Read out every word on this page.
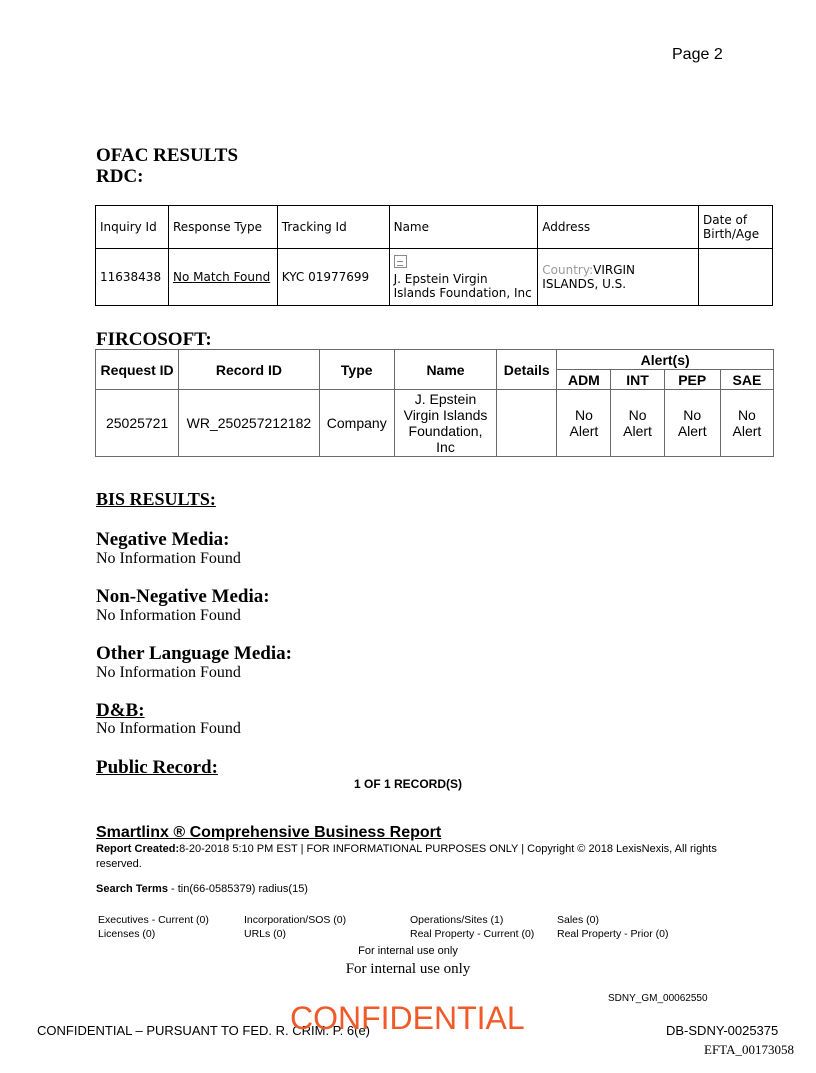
Page 2
OFAC RESULTS
RDC:
Inquiry Id	Response Type	Tracking Id	Name	Address	Date of Birth/Age
11638438	No Match Found	KYC 01977699	J. Epstein Virgin Islands Foundation, Inc	Country:VIRGIN ISLANDS, U.S.	
FIRCOSOFT:
Request ID	Record ID	Type	Name	Details	Alert(s)			
					ADM	INT	PEP	SAE
25025721	WR_250257212182	Company	J. Epstein Virgin Islands Foundation, Inc		No Alert	No Alert	No Alert	No Alert
BIS RESULTS:
Negative Media:
No Information Found
Non-Negative Media:
No Information Found
Other Language Media:
No Information Found
D&B:
No Information Found
Public Record:
1 OF 1 RECORD(S)
Smartlinx ® Comprehensive Business Report
Report Created:8-20-2018 5:10 PM EST | FOR INFORMATIONAL PURPOSES ONLY | Copyright © 2018 LexisNexis, All rights reserved.
Search Terms - tin(66-0585379) radius(15)
Executives - Current (0)	Incorporation/SOS (0)	Operations/Sites (1)	Sales (0)
Licenses (0)	URLs (0)	Real Property - Current (0) Real Property - Prior (0)
For internal use only
For internal use only
SDNY_GM_00062550
CONFIDENTIAL – PURSUANT TO FED. R. CRIM. P. 6(e)
CONFIDENTIAL	DB-SDNY-0025375
EFTA_00173058
